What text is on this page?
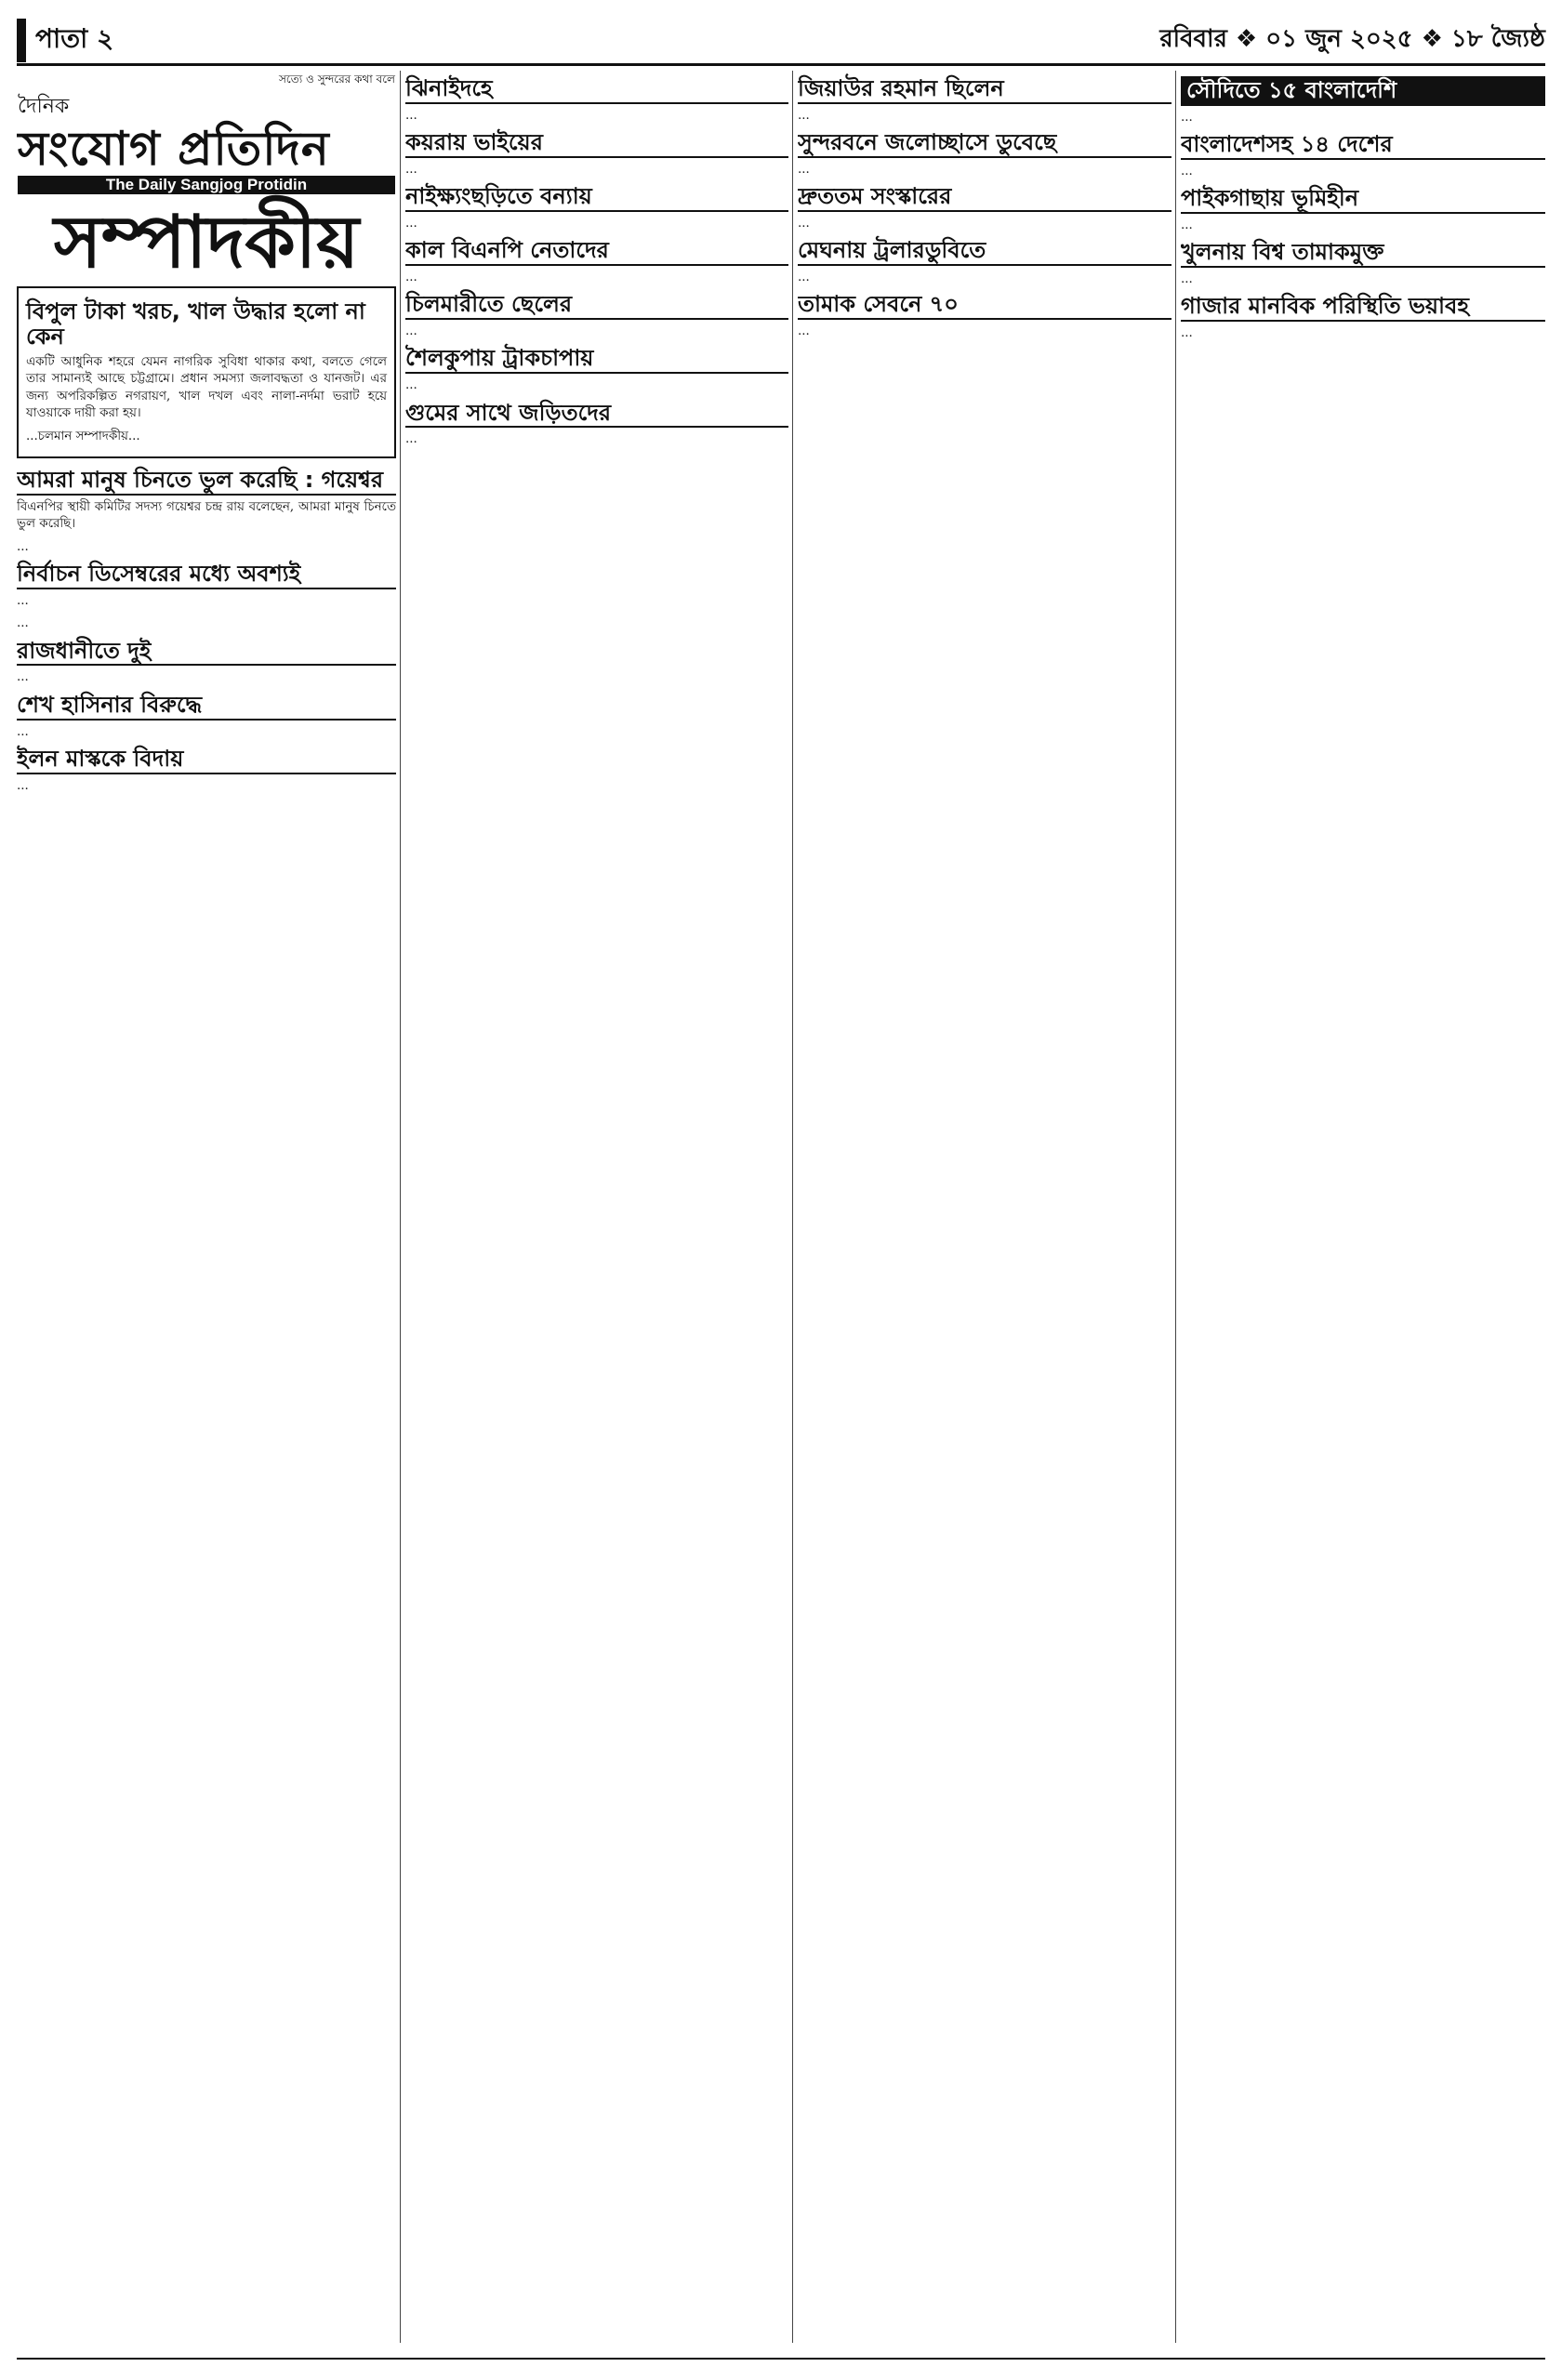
পাতা ২	রবিবার ❖ ০১ জুন ২০২৫ ❖ ১৮ জ্যৈষ্ঠ
সত্যে ও সুন্দরের কথা বলে
দৈনিক
সংযোগ প্রতিদিন
The Daily Sangjog Protidin
সম্পাদকীয়
বিপুল টাকা খরচ, খাল উদ্ধার হলো না কেন

একটি আধুনিক শহরে যেমন নাগরিক সুবিধা থাকার কথা, বলতে গেলে তার সামান্যই আছে চট্টগ্রামে। প্রধান সমস্যা জলাবদ্ধতা ও যানজট। এর জন্য অপরিকল্পিত নগরায়ণ, খাল দখল এবং নালা-নর্দমা ভরাট হয়ে যাওয়াকে দায়ী করা হয়।

...চলমান সম্পাদকীয়...

আমরা মানুষ চিনতে ভুল করেছি : গয়েশ্বর

বিএনপির স্থায়ী কমিটির সদস্য গয়েশ্বর চন্দ্র রায় বলেছেন, আমরা মানুষ চিনতে ভুল করেছি।

...

নির্বাচন ডিসেম্বরের মধ্যে অবশ্যই

...

...

রাজধানীতে দুই

...

শেখ হাসিনার বিরুদ্ধে

...

ইলন মাস্ককে বিদায়

...

ঝিনাইদহে

...

কয়রায় ভাইয়ের

...

নাইক্ষ্যংছড়িতে বন্যায়

...

কাল বিএনপি নেতাদের

...

চিলমারীতে ছেলের

...

শৈলকুপায় ট্রাকচাপায়

...

গুমের সাথে জড়িতদের

...

জিয়াউর রহমান ছিলেন

...

সুন্দরবনে জলোচ্ছাসে ডুবেছে

...

দ্রুততম সংস্কারের

...

মেঘনায় ট্রলারডুবিতে

...

তামাক সেবনে ৭০

...

সৌদিতে ১৫ বাংলাদেশি

...

বাংলাদেশসহ ১৪ দেশের

...

পাইকগাছায় ভূমিহীন

...

খুলনায় বিশ্ব তামাকমুক্ত

...

গাজার মানবিক পরিস্থিতি ভয়াবহ

...
